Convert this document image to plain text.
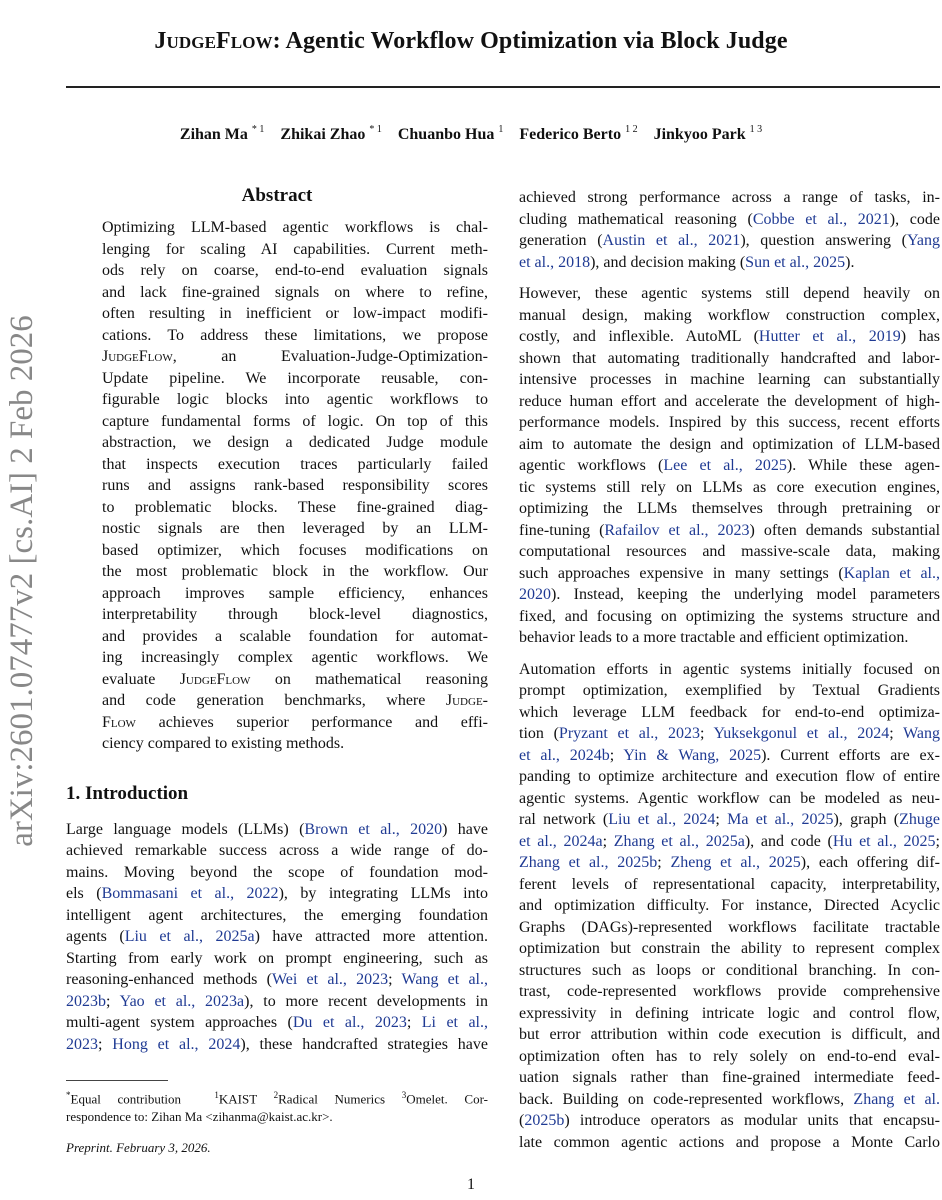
JudgeFlow: Agentic Workflow Optimization via Block Judge
Zihan Ma $^{* 1}$ Zhikai Zhao $^{* 1}$ Chuanbo Hua $^1$ Federico Berto $^{1 2}$ Jinkyoo Park $^{1 3}$
arXiv:2601.07477v2 [cs.AI] 2 Feb 2026
Abstract
Optimizing LLM-based agentic workflows is chal-
lenging for scaling AI capabilities. Current meth-
ods rely on coarse, end-to-end evaluation signals
and lack fine-grained signals on where to refine,
often resulting in inefficient or low-impact modifi-
cations. To address these limitations, we propose
JudgeFlow, an Evaluation-Judge-Optimization-
Update pipeline. We incorporate reusable, con-
figurable logic blocks into agentic workflows to
capture fundamental forms of logic. On top of this
abstraction, we design a dedicated Judge module
that inspects execution traces particularly failed
runs and assigns rank-based responsibility scores
to problematic blocks. These fine-grained diag-
nostic signals are then leveraged by an LLM-
based optimizer, which focuses modifications on
the most problematic block in the workflow. Our
approach improves sample efficiency, enhances
interpretability through block-level diagnostics,
and provides a scalable foundation for automat-
ing increasingly complex agentic workflows. We
evaluate JudgeFlow on mathematical reasoning
and code generation benchmarks, where Judge-
Flow achieves superior performance and effi-
ciency compared to existing methods.
1. Introduction
Large language models (LLMs) (Brown et al., 2020) have
achieved remarkable success across a wide range of do-
mains. Moving beyond the scope of foundation mod-
els (Bommasani et al., 2022), by integrating LLMs into
intelligent agent architectures, the emerging foundation
agents (Liu et al., 2025a) have attracted more attention.
Starting from early work on prompt engineering, such as
reasoning-enhanced methods (Wei et al., 2023; Wang et al.,
2023b; Yao et al., 2023a), to more recent developments in
multi-agent system approaches (Du et al., 2023; Li et al.,
2023; Hong et al., 2024), these handcrafted strategies have
*Equal contribution  $^1$KAIST $^2$Radical Numerics $^3$Omelet. Cor-
respondence to: Zihan Ma <zihanma@kaist.ac.kr>.
Preprint. February 3, 2026.
1
achieved strong performance across a range of tasks, in-
cluding mathematical reasoning (Cobbe et al., 2021), code
generation (Austin et al., 2021), question answering (Yang
et al., 2018), and decision making (Sun et al., 2025).
However, these agentic systems still depend heavily on
manual design, making workflow construction complex,
costly, and inflexible. AutoML (Hutter et al., 2019) has
shown that automating traditionally handcrafted and labor-
intensive processes in machine learning can substantially
reduce human effort and accelerate the development of high-
performance models. Inspired by this success, recent efforts
aim to automate the design and optimization of LLM-based
agentic workflows (Lee et al., 2025). While these agen-
tic systems still rely on LLMs as core execution engines,
optimizing the LLMs themselves through pretraining or
fine-tuning (Rafailov et al., 2023) often demands substantial
computational resources and massive-scale data, making
such approaches expensive in many settings (Kaplan et al.,
2020). Instead, keeping the underlying model parameters
fixed, and focusing on optimizing the systems structure and
behavior leads to a more tractable and efficient optimization.
Automation efforts in agentic systems initially focused on
prompt optimization, exemplified by Textual Gradients
which leverage LLM feedback for end-to-end optimiza-
tion (Pryzant et al., 2023; Yuksekgonul et al., 2024; Wang
et al., 2024b; Yin & Wang, 2025). Current efforts are ex-
panding to optimize architecture and execution flow of entire
agentic systems. Agentic workflow can be modeled as neu-
ral network (Liu et al., 2024; Ma et al., 2025), graph (Zhuge
et al., 2024a; Zhang et al., 2025a), and code (Hu et al., 2025;
Zhang et al., 2025b; Zheng et al., 2025), each offering dif-
ferent levels of representational capacity, interpretability,
and optimization difficulty. For instance, Directed Acyclic
Graphs (DAGs)-represented workflows facilitate tractable
optimization but constrain the ability to represent complex
structures such as loops or conditional branching. In con-
trast, code-represented workflows provide comprehensive
expressivity in defining intricate logic and control flow,
but error attribution within code execution is difficult, and
optimization often has to rely solely on end-to-end eval-
uation signals rather than fine-grained intermediate feed-
back. Building on code-represented workflows, Zhang et al.
(2025b) introduce operators as modular units that encapsu-
late common agentic actions and propose a Monte Carlo
